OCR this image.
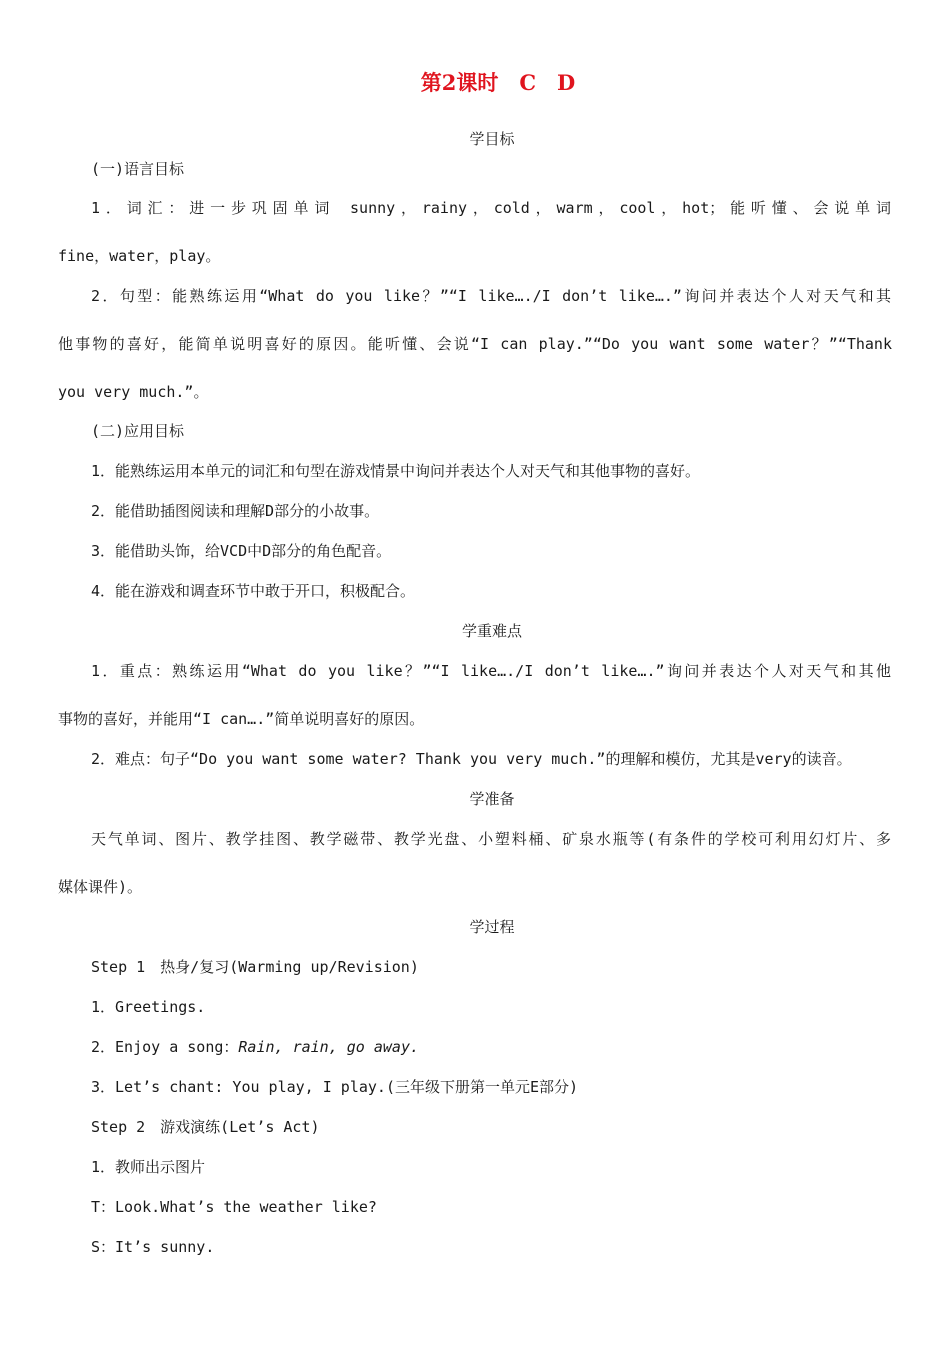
第2课时　C　D
学目标
(一)语言目标
1．词汇：进一步巩固单词 sunny，rainy，cold，warm，cool，hot；能听懂、会说单词
fine，water，play。
2．句型：能熟练运用“What do you like？”“I like….∕I don’t like….”询问并表达个人对天气和其
他事物的喜好，能简单说明喜好的原因。能听懂、会说“I can play.”“Do you want some water？”“Thank
you very much.”。
(二)应用目标
1．能熟练运用本单元的词汇和句型在游戏情景中询问并表达个人对天气和其他事物的喜好。
2．能借助插图阅读和理解D部分的小故事。
3．能借助头饰，给VCD中D部分的角色配音。
4．能在游戏和调查环节中敢于开口，积极配合。
学重难点
1．重点：熟练运用“What do you like？”“I like….∕I don’t like….”询问并表达个人对天气和其他
事物的喜好，并能用“I can….”简单说明喜好的原因。
2．难点：句子“Do you want some water? Thank you very much.”的理解和模仿，尤其是very的读音。
学准备
天气单词、图片、教学挂图、教学磁带、教学光盘、小塑料桶、矿泉水瓶等(有条件的学校可利用幻灯片、多
媒体课件)。
学过程
Step 1　热身∕复习(Warming up∕Revision)
1．Greetings.
2．Enjoy a song：Rain, rain, go away.
3．Let’s chant: You play, I play.(三年级下册第一单元E部分)
Step 2　游戏演练(Let’s Act)
1．教师出示图片
T：Look.What’s the weather like?
S：It’s sunny.
